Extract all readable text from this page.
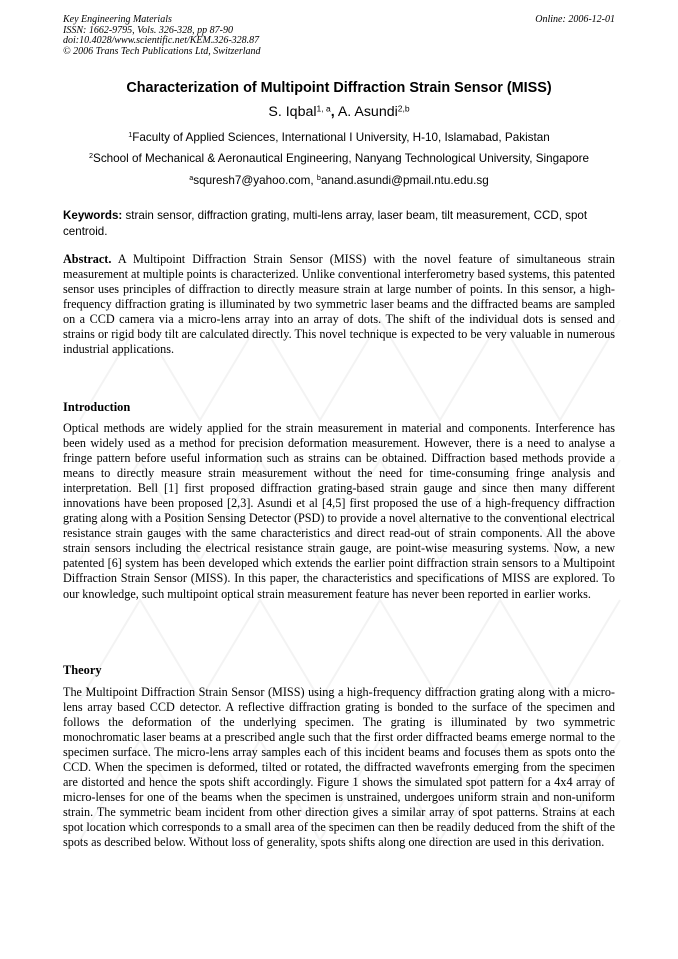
Key Engineering Materials
ISSN: 1662-9795, Vols. 326-328, pp 87-90
doi:10.4028/www.scientific.net/KEM.326-328.87
© 2006 Trans Tech Publications Ltd, Switzerland
Online: 2006-12-01
Characterization of Multipoint Diffraction Strain Sensor (MISS)
S. Iqbal$^{1, a}$, A. Asundi$^{2,b}$
$^1$Faculty of Applied Sciences, International I University, H-10, Islamabad, Pakistan
$^2$School of Mechanical & Aeronautical Engineering, Nanyang Technological University, Singapore
$^a$squresh7@yahoo.com, $^b$anand.asundi@pmail.ntu.edu.sg
Keywords: strain sensor, diffraction grating, multi-lens array, laser beam, tilt measurement, CCD, spot centroid.
Abstract. A Multipoint Diffraction Strain Sensor (MISS) with the novel feature of simultaneous strain measurement at multiple points is characterized. Unlike conventional interferometry based systems, this patented sensor uses principles of diffraction to directly measure strain at large number of points. In this sensor, a high-frequency diffraction grating is illuminated by two symmetric laser beams and the diffracted beams are sampled on a CCD camera via a micro-lens array into an array of dots. The shift of the individual dots is sensed and strains or rigid body tilt are calculated directly. This novel technique is expected to be very valuable in numerous industrial applications.
Introduction
Optical methods are widely applied for the strain measurement in material and components. Interference has been widely used as a method for precision deformation measurement. However, there is a need to analyse a fringe pattern before useful information such as strains can be obtained. Diffraction based methods provide a means to directly measure strain measurement without the need for time-consuming fringe analysis and interpretation. Bell [1] first proposed diffraction grating-based strain gauge and since then many different innovations have been proposed [2,3]. Asundi et al [4,5] first proposed the use of a high-frequency diffraction grating along with a Position Sensing Detector (PSD) to provide a novel alternative to the conventional electrical resistance strain gauges with the same characteristics and direct read-out of strain components. All the above strain sensors including the electrical resistance strain gauge, are point-wise measuring systems. Now, a new patented [6] system has been developed which extends the earlier point diffraction strain sensors to a Multipoint Diffraction Strain Sensor (MISS). In this paper, the characteristics and specifications of MISS are explored. To our knowledge, such multipoint optical strain measurement feature has never been reported in earlier works.
Theory
The Multipoint Diffraction Strain Sensor (MISS) using a high-frequency diffraction grating along with a micro-lens array based CCD detector. A reflective diffraction grating is bonded to the surface of the specimen and follows the deformation of the underlying specimen. The grating is illuminated by two symmetric monochromatic laser beams at a prescribed angle such that the first order diffracted beams emerge normal to the specimen surface. The micro-lens array samples each of this incident beams and focuses them as spots onto the CCD. When the specimen is deformed, tilted or rotated, the diffracted wavefronts emerging from the specimen are distorted and hence the spots shift accordingly. Figure 1 shows the simulated spot pattern for a 4x4 array of micro-lenses for one of the beams when the specimen is unstrained, undergoes uniform strain and non-uniform strain. The symmetric beam incident from other direction gives a similar array of spot patterns. Strains at each spot location which corresponds to a small area of the specimen can then be readily deduced from the shift of the spots as described below. Without loss of generality, spots shifts along one direction are used in this derivation.
